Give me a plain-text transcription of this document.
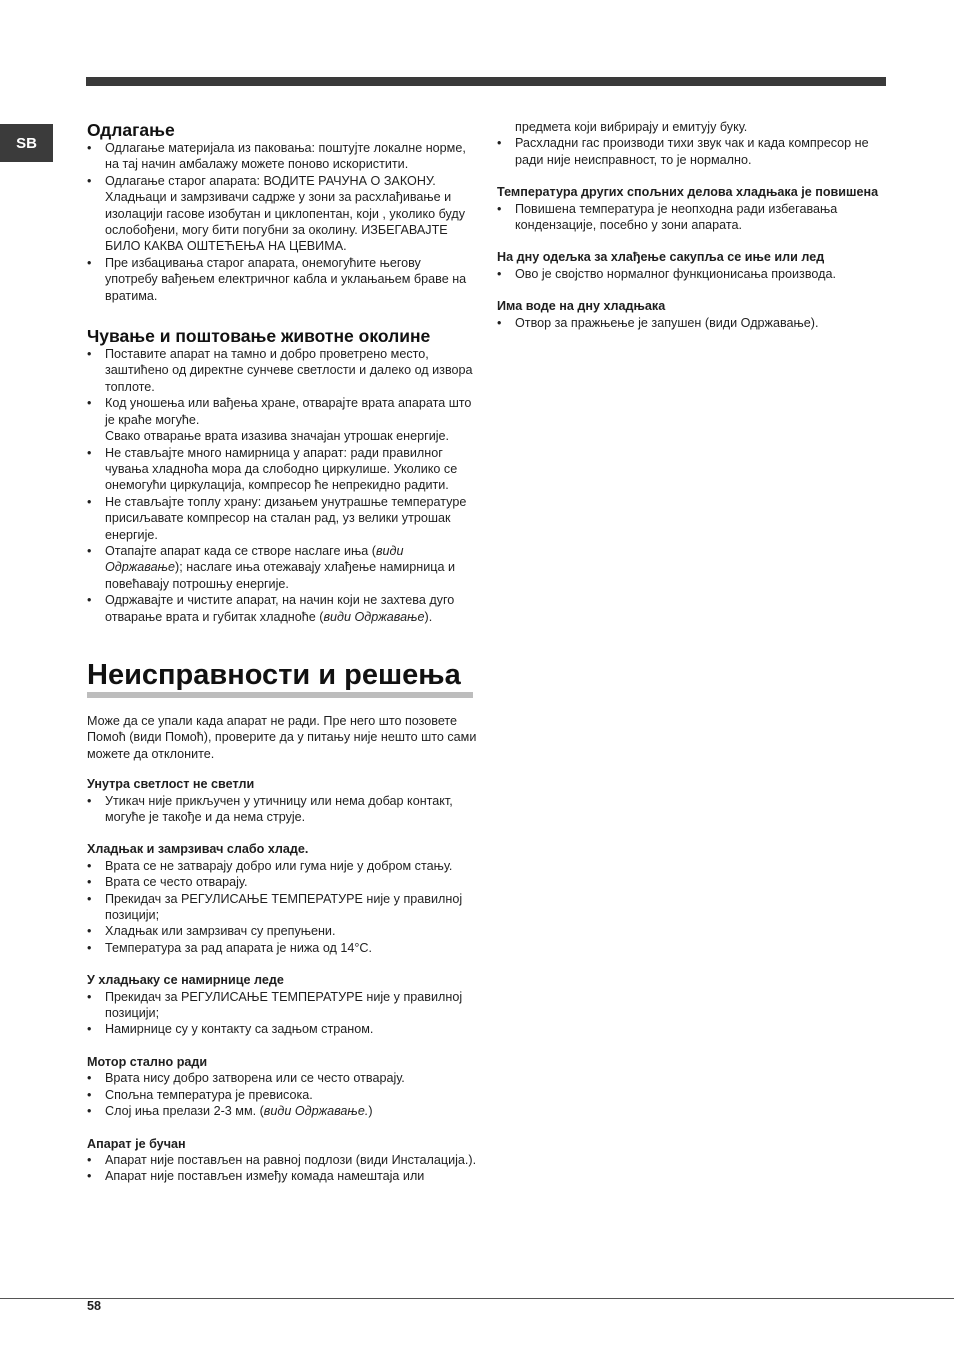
SB
Одлагање
• Одлагање материјала из паковања: поштујте локалне норме, на тај начин амбалажу можете поново искористити.
• Одлагање старог апарата: ВОДИТЕ РАЧУНА О ЗАКОНУ. Хладњаци и замрзивачи садрже у зони за расхлађивање и изолацији гасове изобутан и циклопентан, који , уколико буду ослобођени, могу бити погубни за околину. ИЗБЕГАВАЈТЕ БИЛО КАКВА ОШТЕЋЕЊА НА ЦЕВИМА.
• Пре избацивања старог апарата, онемогућите његову употребу вађењем електричног кабла и уклањањем браве на вратима.
Чување и поштовање животне околине
• Поставите апарат на тамно и добро проветрено место, заштићено од директне сунчеве светлости и далеко од извора топлоте.
• Код уношења или вађења хране, отварајте врата апарата што је краће могуће.
Свако отварање врата изазива значајан утрошак енергије.
• Не стављајте много намирница у апарат: ради правилног чувања хладноћа мора да слободно циркулише. Уколико се онемогући циркулација, компресор ће непрекидно радити.
• Не стављајте топлу храну: дизањем унутрашње температуре присиљавате компресор на сталан рад, уз велики утрошак енергије.
• Отапајте апарат када се створе наслаге иња (види Одржавање); наслаге иња отежавају хлађење намирница и повећавају потрошњу енергије.
• Одржавајте и чистите апарат, на начин који не захтева дуго отварање врата и губитак хладноће (види Одржавање).
Неисправности и решења

Може да се упали када апарат не ради. Пре него што позовете Помоћ (види Помоћ), проверите да у питању није нешто што сами можете да отклоните.

Унутра светлост не светли

• Утикач није прикључен у утичницу или нема добар контакт, могуће је такође и да нема струје.

Хладњак и замрзивач слабо хладе.

• Врата се не затварају добро или гума није у добром стању.
• Врата се често отварају.
• Прекидач за РЕГУЛИСАЊЕ ТЕМПЕРАТУРЕ није у правилној позицији;
• Хладњак или замрзивач су препуњени.
• Температура за рад апарата је нижа од 14°C.

У хладњаку се намирнице леде

• Прекидач за РЕГУЛИСАЊЕ ТЕМПЕРАТУРЕ није у правилној позицији;
• Намирнице су у контакту са задњом страном.

Мотор стално ради

• Врата нису добро затворена или се често отварају.
• Спољна температура је превисока.
• Слој иња прелази 2-3 мм. (види Одржавање.)

Апарат је бучан

• Апарат није постављен на равној подлози (види Инсталација.).
• Апарат није постављен између комада намештаја или

предмета који вибрирају и емитују буку.

• Расхладни гас производи тихи звук чак и када компресор не ради није неисправност, то је нормално.

Температура других спољних делова хладњака је повишена

• Повишена температура је неопходна ради избегавања кондензације, посебно у зони апарата.

На дну одељка за хлађење сакупља се иње или лед

• Ово је својство нормалног функционисања производа.

Има воде на дну хладњака

• Отвор за пражњење је запушен (види Одржавање).
58
